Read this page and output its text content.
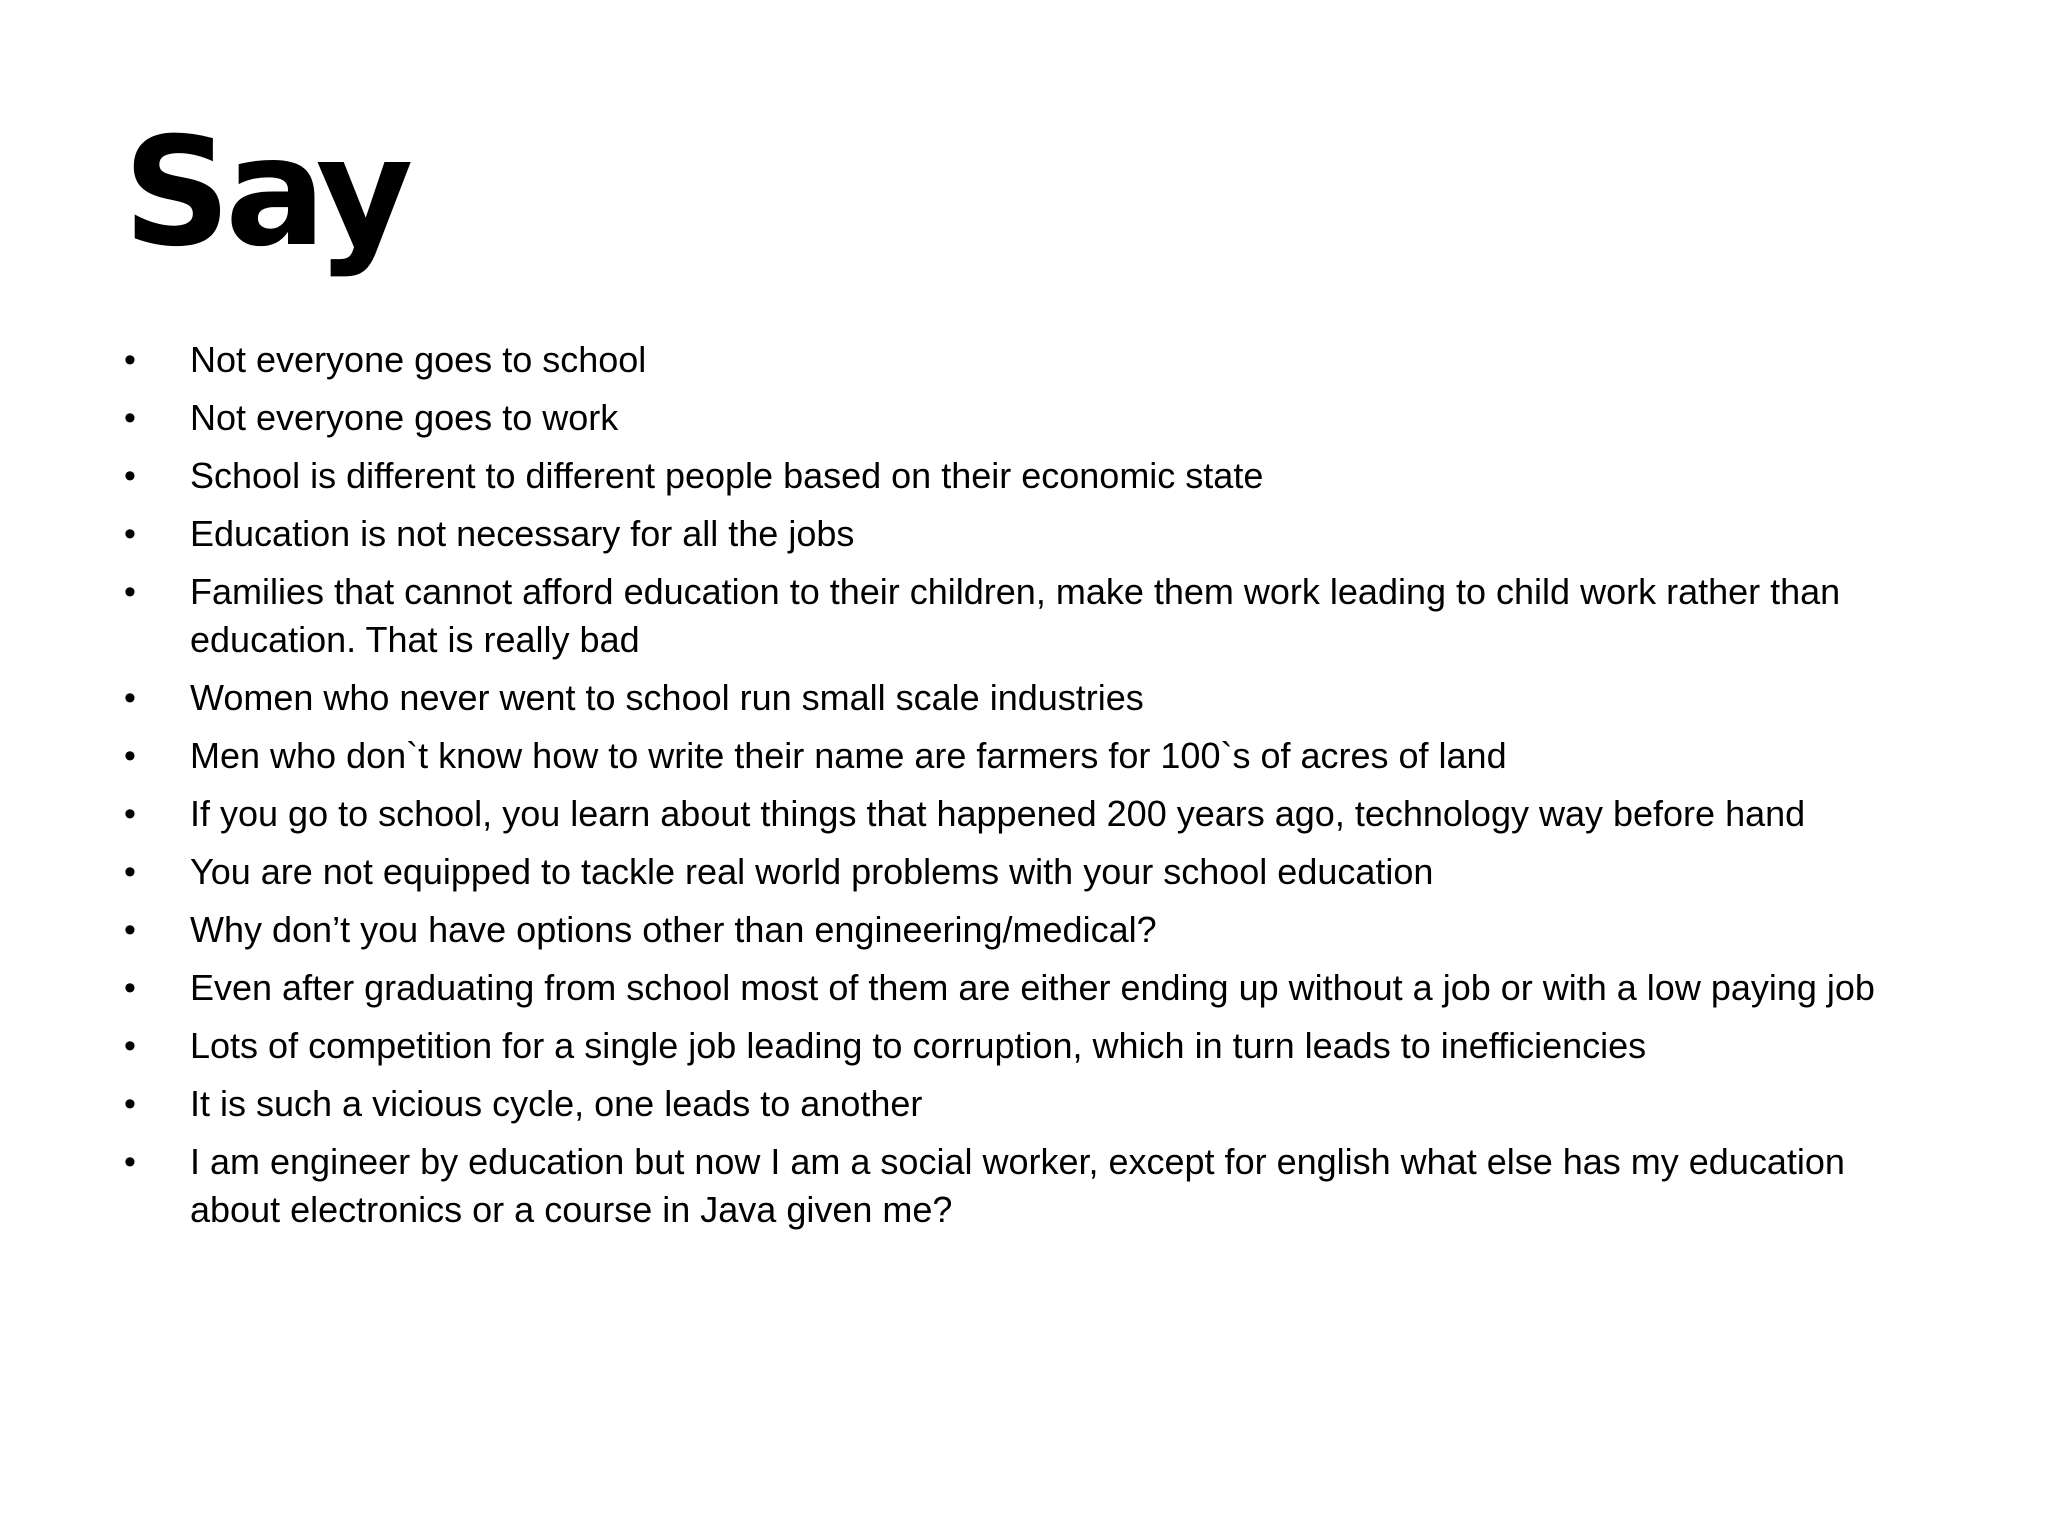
Say
• Not everyone goes to school
• Not everyone goes to work
• School is different to different people based on their economic state
• Education is not necessary for all the jobs
• Families that cannot afford education to their children, make them work leading to child work rather than education. That is really bad
• Women who never went to school run small scale industries
• Men who don`t know how to write their name are farmers for 100`s of acres of land
• If you go to school, you learn about things that happened 200 years ago, technology way before hand
• You are not equipped to tackle real world problems with your school education
• Why don’t you have options other than engineering/medical?
• Even after graduating from school most of them are either ending up without a job or with a low paying job
• Lots of competition for a single job leading to corruption, which in turn leads to inefficiencies
• It is such a vicious cycle, one leads to another
• I am engineer by education but now I am a social worker, except for english what else has my education about electronics or a course in Java given me?
